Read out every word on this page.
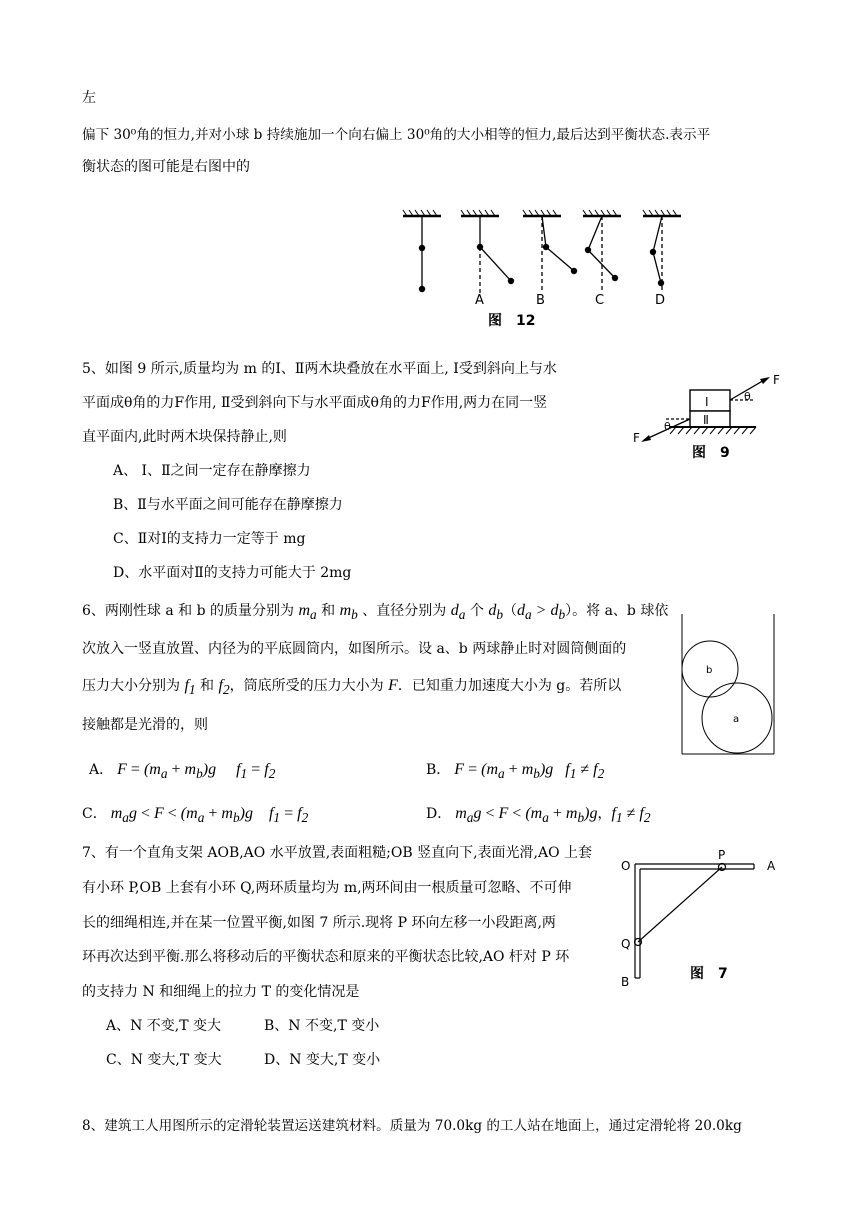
左
偏下 30⁰角的恒力,并对小球 b 持续施加一个向右偏上 30⁰角的大小相等的恒力,最后达到平衡状态.表示平
衡状态的图可能是右图中的
A	B	C	D
图　12
5、如图 9 所示,质量均为 m 的Ⅰ、Ⅱ两木块叠放在水平面上, Ⅰ受到斜向上与水
平面成θ角的力F作用, Ⅱ受到斜向下与水平面成θ角的力F作用,两力在同一竖
直平面内,此时两木块保持静止,则
A、 Ⅰ、Ⅱ之间一定存在静摩擦力
B、Ⅱ与水平面之间可能存在静摩擦力
C、Ⅱ对Ⅰ的支持力一定等于 mg
D、水平面对Ⅱ的支持力可能大于 2mg
Ⅰ
Ⅱ
F
θ
F
θ
图　9
6、两刚性球 a 和 b 的质量分别为 $m_a$ 和 $m_b$ 、直径分别为 $d_a$ 个 $d_b(d_a > d_b)$。将 a、b 球依
次放入一竖直放置、内径为的平底圆筒内，如图所示。设 a、b 两球静止时对圆筒侧面的
压力大小分别为 $f_1$ 和 $f_2$，筒底所受的压力大小为 F．已知重力加速度大小为 g。若所以
接触都是光滑的，则
A． $F = (m_a + m_b)g$     $f_1 = f_2$	B． $F = (m_a + m_b)g$   $f_1 \ne f_2$
C． $m_ag < F < (m_a + m_b)g$    $f_1 = f_2$	D． $m_ag < F < (m_a + m_b)g$，$f_1 \ne f_2$
b
a
7、有一个直角支架 AOB,AO 水平放置,表面粗糙;OB 竖直向下,表面光滑,AO 上套
有小环 P,OB 上套有小环 Q,两环质量均为 m,两环间由一根质量可忽略、不可伸
长的细绳相连,并在某一位置平衡,如图 7 所示.现将 P 环向左移一小段距离,两
环再次达到平衡.那么将移动后的平衡状态和原来的平衡状态比较,AO 杆对 P 环
的支持力 N 和细绳上的拉力 T 的变化情况是
A、N 不变,T 变大	B、N 不变,T 变小
C、N 变大,T 变大	D、N 变大,T 变小
O
P
A
Q
B	图　7
8、建筑工人用图所示的定滑轮装置运送建筑材料。质量为 70.0kg 的工人站在地面上，通过定滑轮将 20.0kg
